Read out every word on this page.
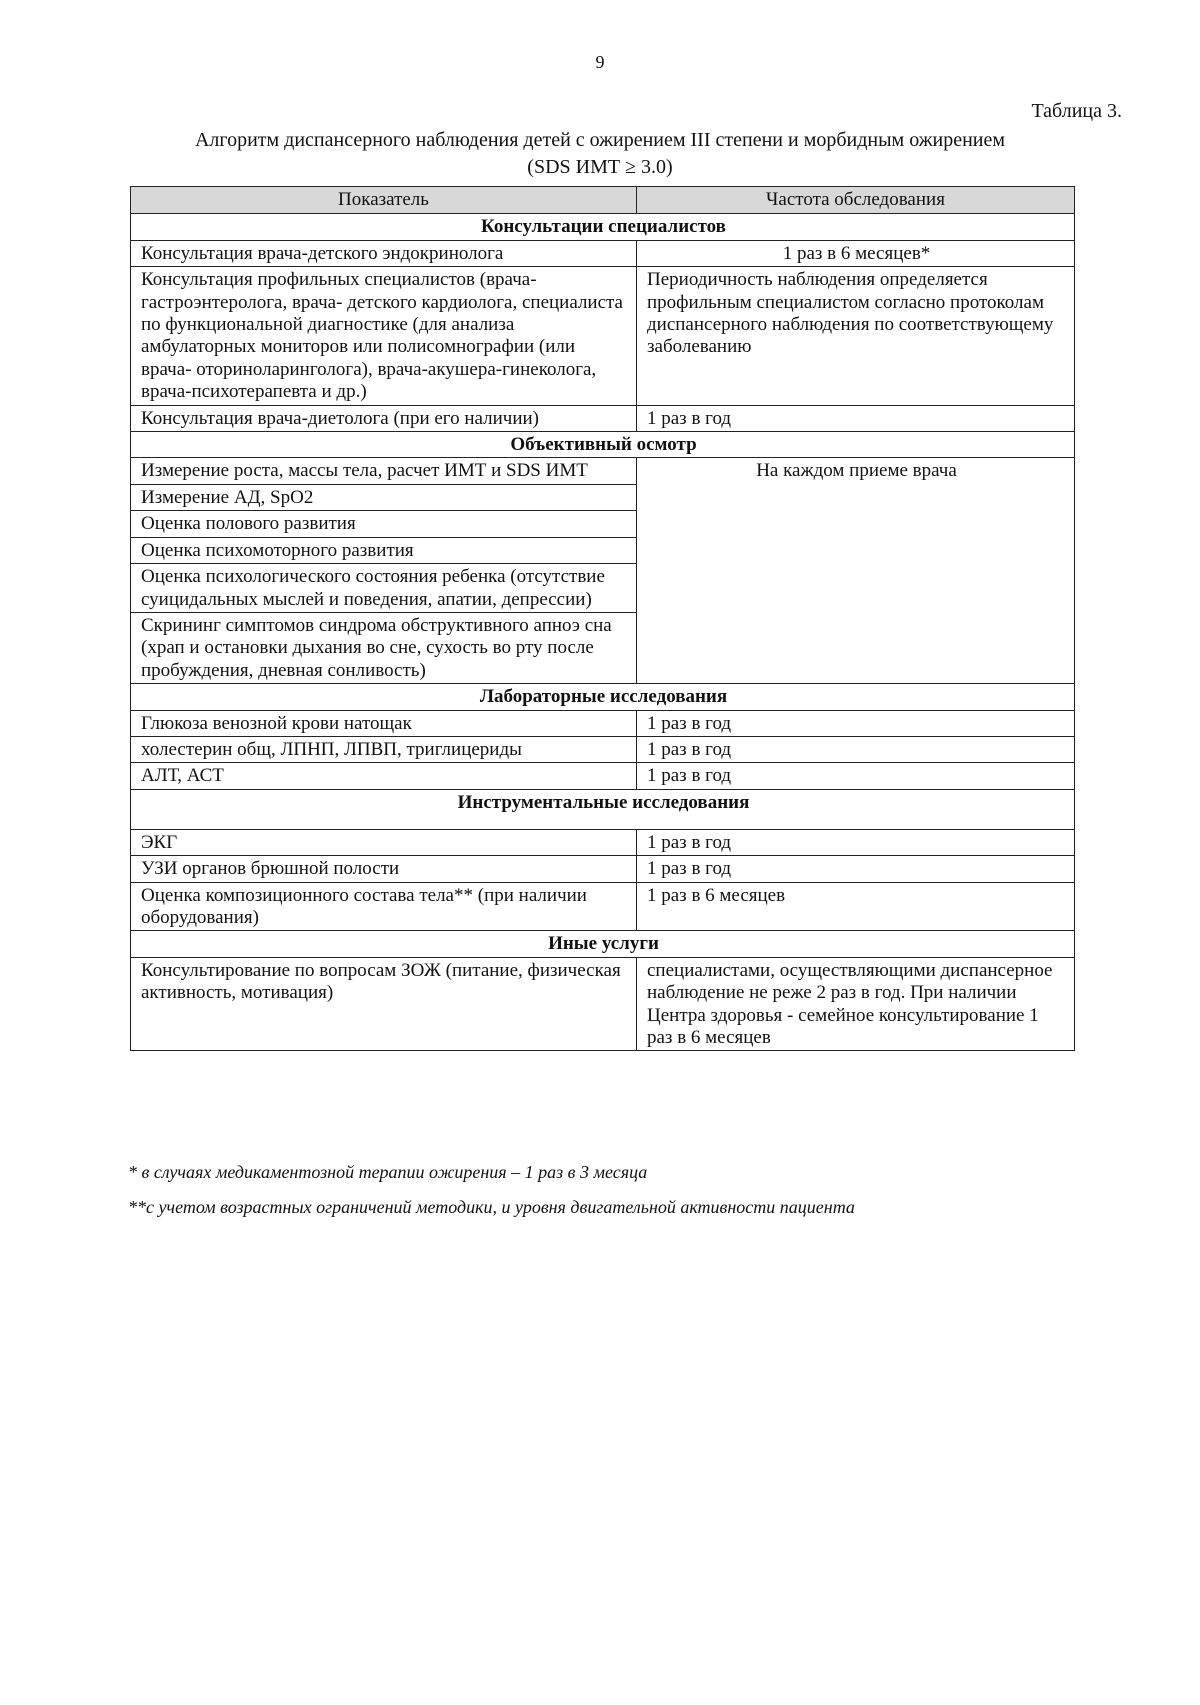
9
Таблица 3.
Алгоритм диспансерного наблюдения детей с ожирением III степени и морбидным ожирением
(SDS ИМТ ≥ 3.0)
Показатель	Частота обследования
Консультации специалистов	
Консультация врача-детского эндокринолога	1 раз в 6 месяцев*
Консультация профильных специалистов (врача-гастроэнтеролога, врача- детского кардиолога, специалиста по функциональной диагностике (для анализа амбулаторных мониторов или полисомнографии (или врача- оториноларинголога), врача-акушера-гинеколога, врача-психотерапевта и др.)	Периодичность наблюдения определяется профильным специалистом согласно протоколам диспансерного наблюдения по соответствующему заболеванию
Консультация врача-диетолога (при его наличии)	1 раз в год
Объективный осмотр	
Измерение роста, массы тела, расчет ИМТ и SDS ИМТ	На каждом приеме врача
Измерение АД, SpO2	
Оценка полового развития	
Оценка психомоторного развития	
Оценка психологического состояния ребенка (отсутствие суицидальных мыслей и поведения, апатии, депрессии)	
Скрининг симптомов синдрома обструктивного апноэ сна (храп и остановки дыхания во сне, сухость во рту после пробуждения, дневная сонливость)	
Лабораторные исследования	
Глюкоза венозной крови натощак	1 раз в год
холестерин общ, ЛПНП, ЛПВП, триглицериды	1 раз в год
АЛТ, АСТ	1 раз в год
Инструментальные исследования	
ЭКГ	1 раз в год
УЗИ органов брюшной полости	1 раз в год
Оценка композиционного состава тела** (при наличии оборудования)	1 раз в 6 месяцев
Иные услуги	
Консультирование по вопросам ЗОЖ (питание, физическая активность, мотивация)	специалистами, осуществляющими диспансерное наблюдение не реже 2 раз в год. При наличии Центра здоровья - семейное консультирование 1 раз в 6 месяцев
* в случаях медикаментозной терапии ожирения – 1 раз в 3 месяца
**с учетом возрастных ограничений методики, и уровня двигательной активности пациента
